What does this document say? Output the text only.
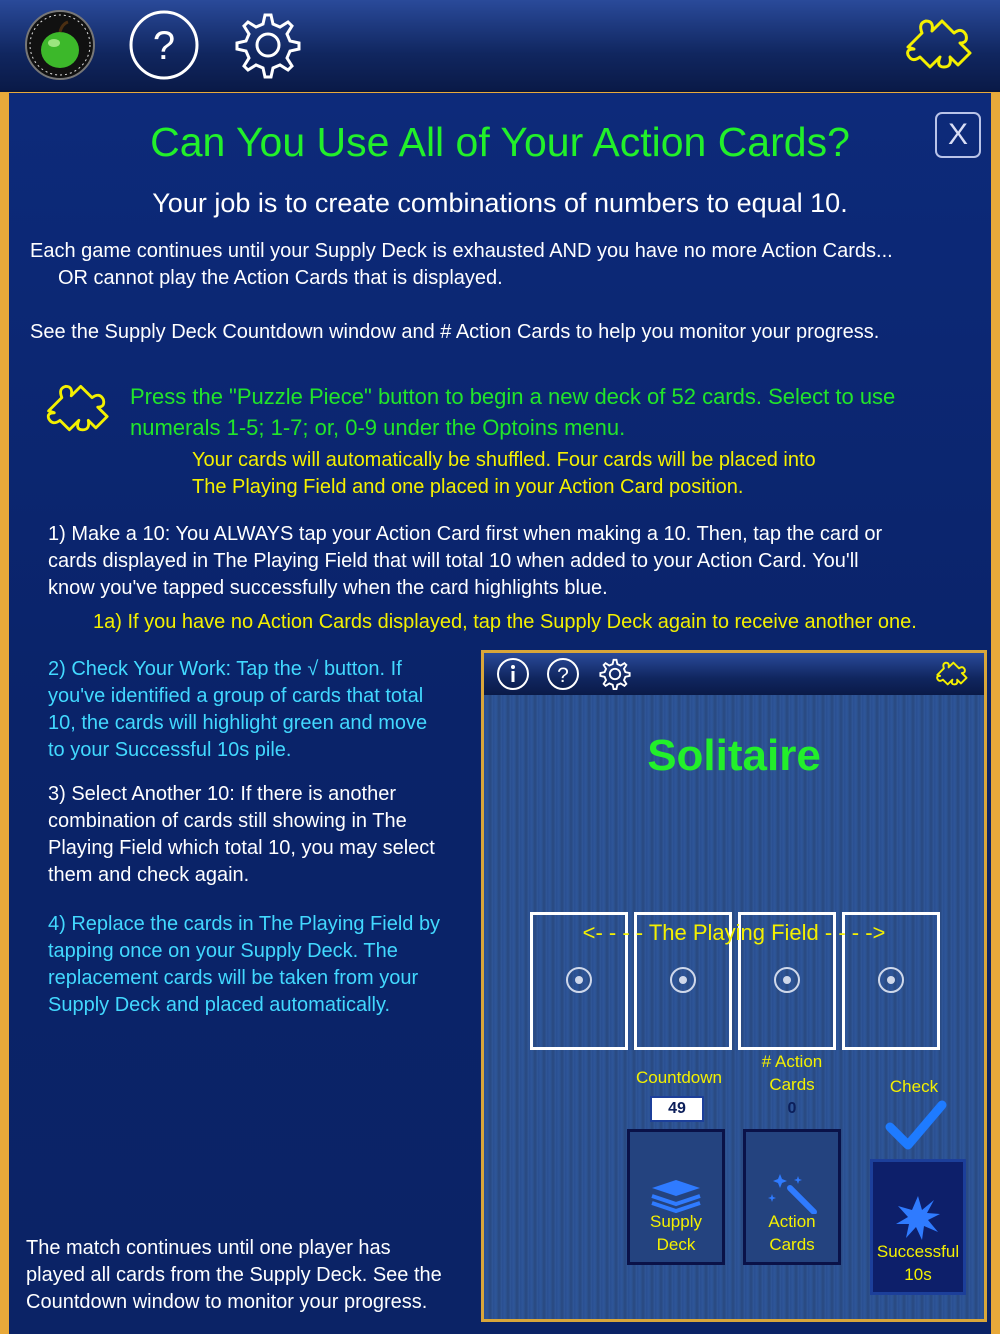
?
X
Can You Use All of Your Action Cards?
Your job is to create combinations of numbers to equal 10.
Each game continues until your Supply Deck is exhausted AND you have no more Action Cards...
OR cannot play the Action Cards that is displayed.
See the Supply Deck Countdown window and # Action Cards to help you monitor your progress.
Press the "Puzzle Piece" button to begin a new deck of 52 cards. Select to use
numerals 1-5; 1-7; or, 0-9 under the Optoins menu.
Your cards will automatically be shuffled. Four cards will be placed into
The Playing Field and one placed in your Action Card position.
1) Make a 10: You ALWAYS tap your Action Card first when making a 10. Then, tap the card or
cards displayed in The Playing Field that will total 10 when added to your Action Card. You'll
know you've tapped successfully when the card highlights blue.
1a) If you have no Action Cards displayed, tap the Supply Deck again to receive another one.
2) Check Your Work: Tap the √ button. If
you've identified a group of cards that total
10, the cards will highlight green and move
to your Successful 10s pile.
3) Select Another 10: If there is another
combination of cards still showing in The
Playing Field which total 10, you may select
them and check again.
4) Replace the cards in The Playing Field by
tapping once on your Supply Deck. The
replacement cards will be taken from your
Supply Deck and placed automatically.
The match continues until one player has
played all cards from the Supply Deck. See the
Countdown window to monitor your progress.
?
Solitaire
<- - - - The Playing Field - - - ->
Countdown
49
# Action
Cards
0
Check
Supply
Deck
Action
Cards	Successful
10s
